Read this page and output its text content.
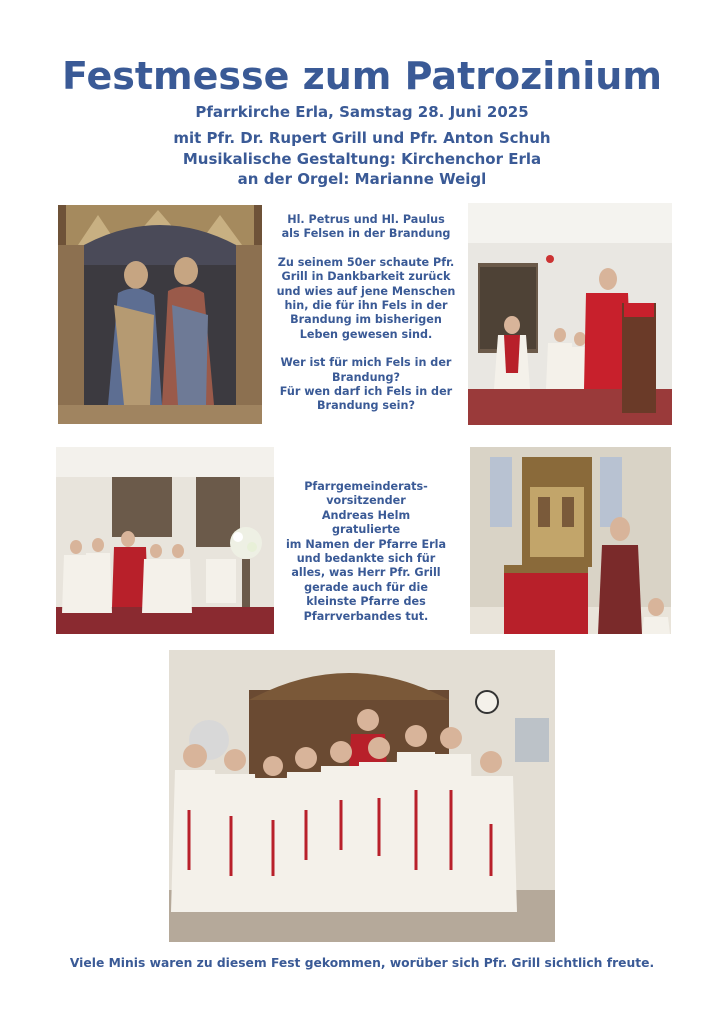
Festmesse zum Patrozinium
Pfarrkirche Erla, Samstag 28. Juni 2025
mit Pfr. Dr. Rupert Grill und Pfr. Anton Schuh
Musikalische Gestaltung: Kirchenchor Erla
an der Orgel: Marianne Weigl
Hl. Petrus und Hl. Paulus
als Felsen in der Brandung
Zu seinem 50er schaute Pfr.
Grill in Dankbarkeit zurück
und wies auf jene Menschen
hin, die für ihn Fels in der
Brandung im bisherigen
Leben gewesen sind.
Wer ist für mich Fels in der
Brandung?
Für wen darf ich Fels in der
Brandung sein?
Pfarrgemeinderats-
vorsitzender
Andreas Helm
gratulierte
im Namen der Pfarre Erla
und bedankte sich für
alles, was Herr Pfr. Grill
gerade auch für die
kleinste Pfarre des
Pfarrverbandes tut.
Viele Minis waren zu diesem Fest gekommen, worüber sich Pfr. Grill sichtlich freute.
